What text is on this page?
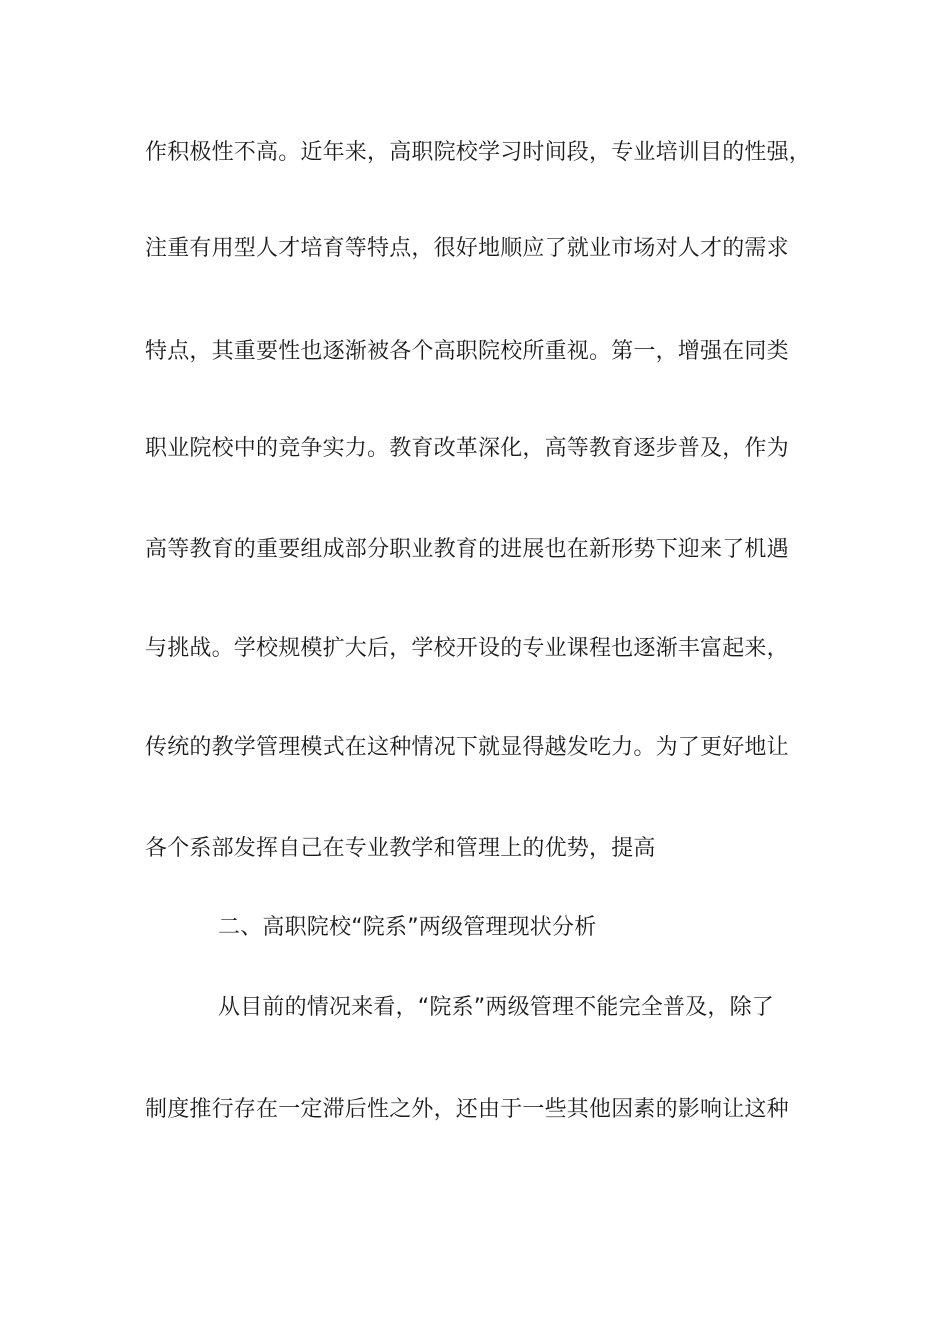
作积极性不高。近年来，高职院校学习时间段，专业培训目的性强，
注重有用型人才培育等特点，很好地顺应了就业市场对人才的需求
特点，其重要性也逐渐被各个高职院校所重视。第一，增强在同类
职业院校中的竞争实力。教育改革深化，高等教育逐步普及，作为
高等教育的重要组成部分职业教育的进展也在新形势下迎来了机遇
与挑战。学校规模扩大后，学校开设的专业课程也逐渐丰富起来，
传统的教学管理模式在这种情况下就显得越发吃力。为了更好地让
各个系部发挥自己在专业教学和管理上的优势，提高
二、高职院校“院系”两级管理现状分析
从目前的情况来看，“院系”两级管理不能完全普及，除了
制度推行存在一定滞后性之外，还由于一些其他因素的影响让这种
